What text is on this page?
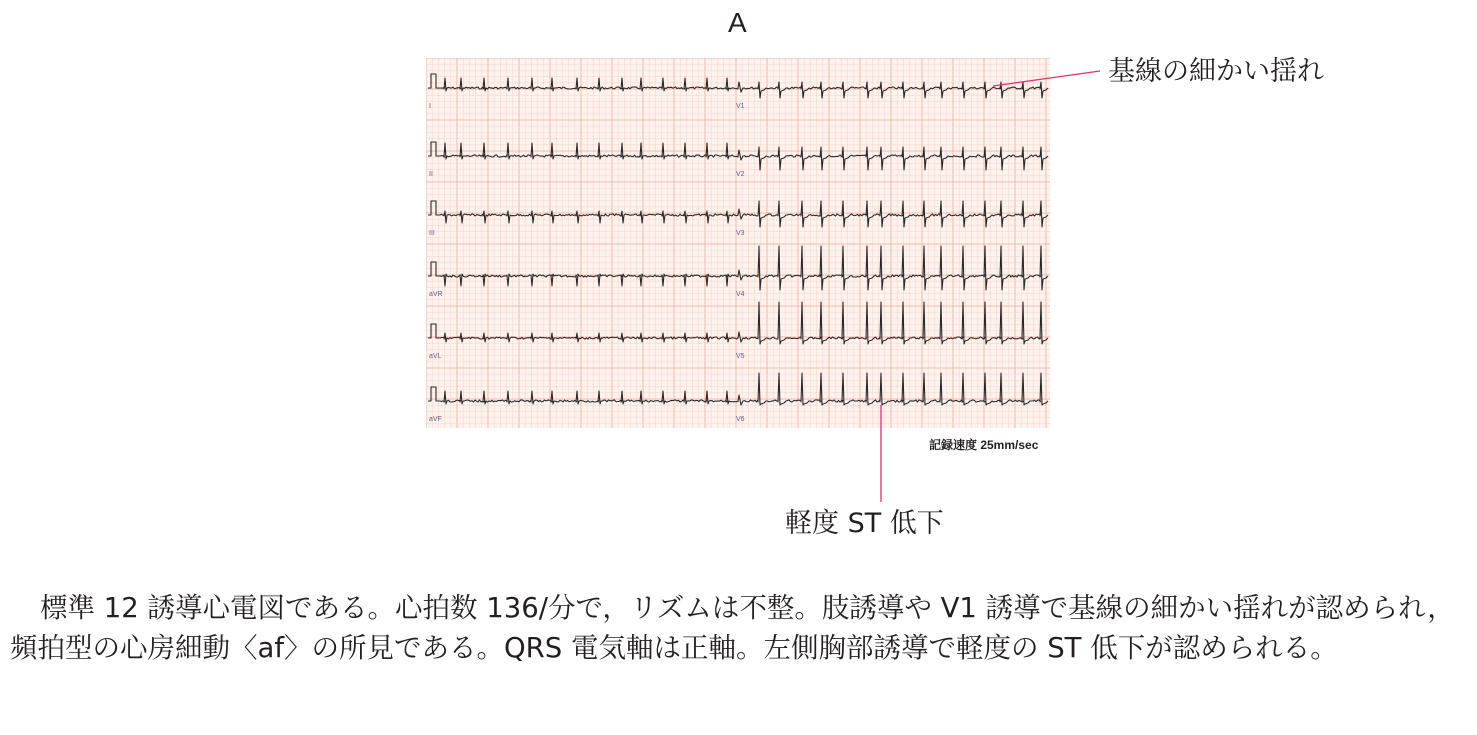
A
I	V1
II	V2
III	V3
aVR	V4
aVL	V5
aVF	V6
記録速度 25mm/sec
基線の細かい揺れ
軽度 ST 低下
標準 12 誘導心電図である。心拍数 136/分で，リズムは不整。肢誘導や V1 誘導で基線の細かい揺れが認められ，頻拍型の心房細動〈af〉の所見である。QRS 電気軸は正軸。左側胸部誘導で軽度の ST 低下が認められる。
